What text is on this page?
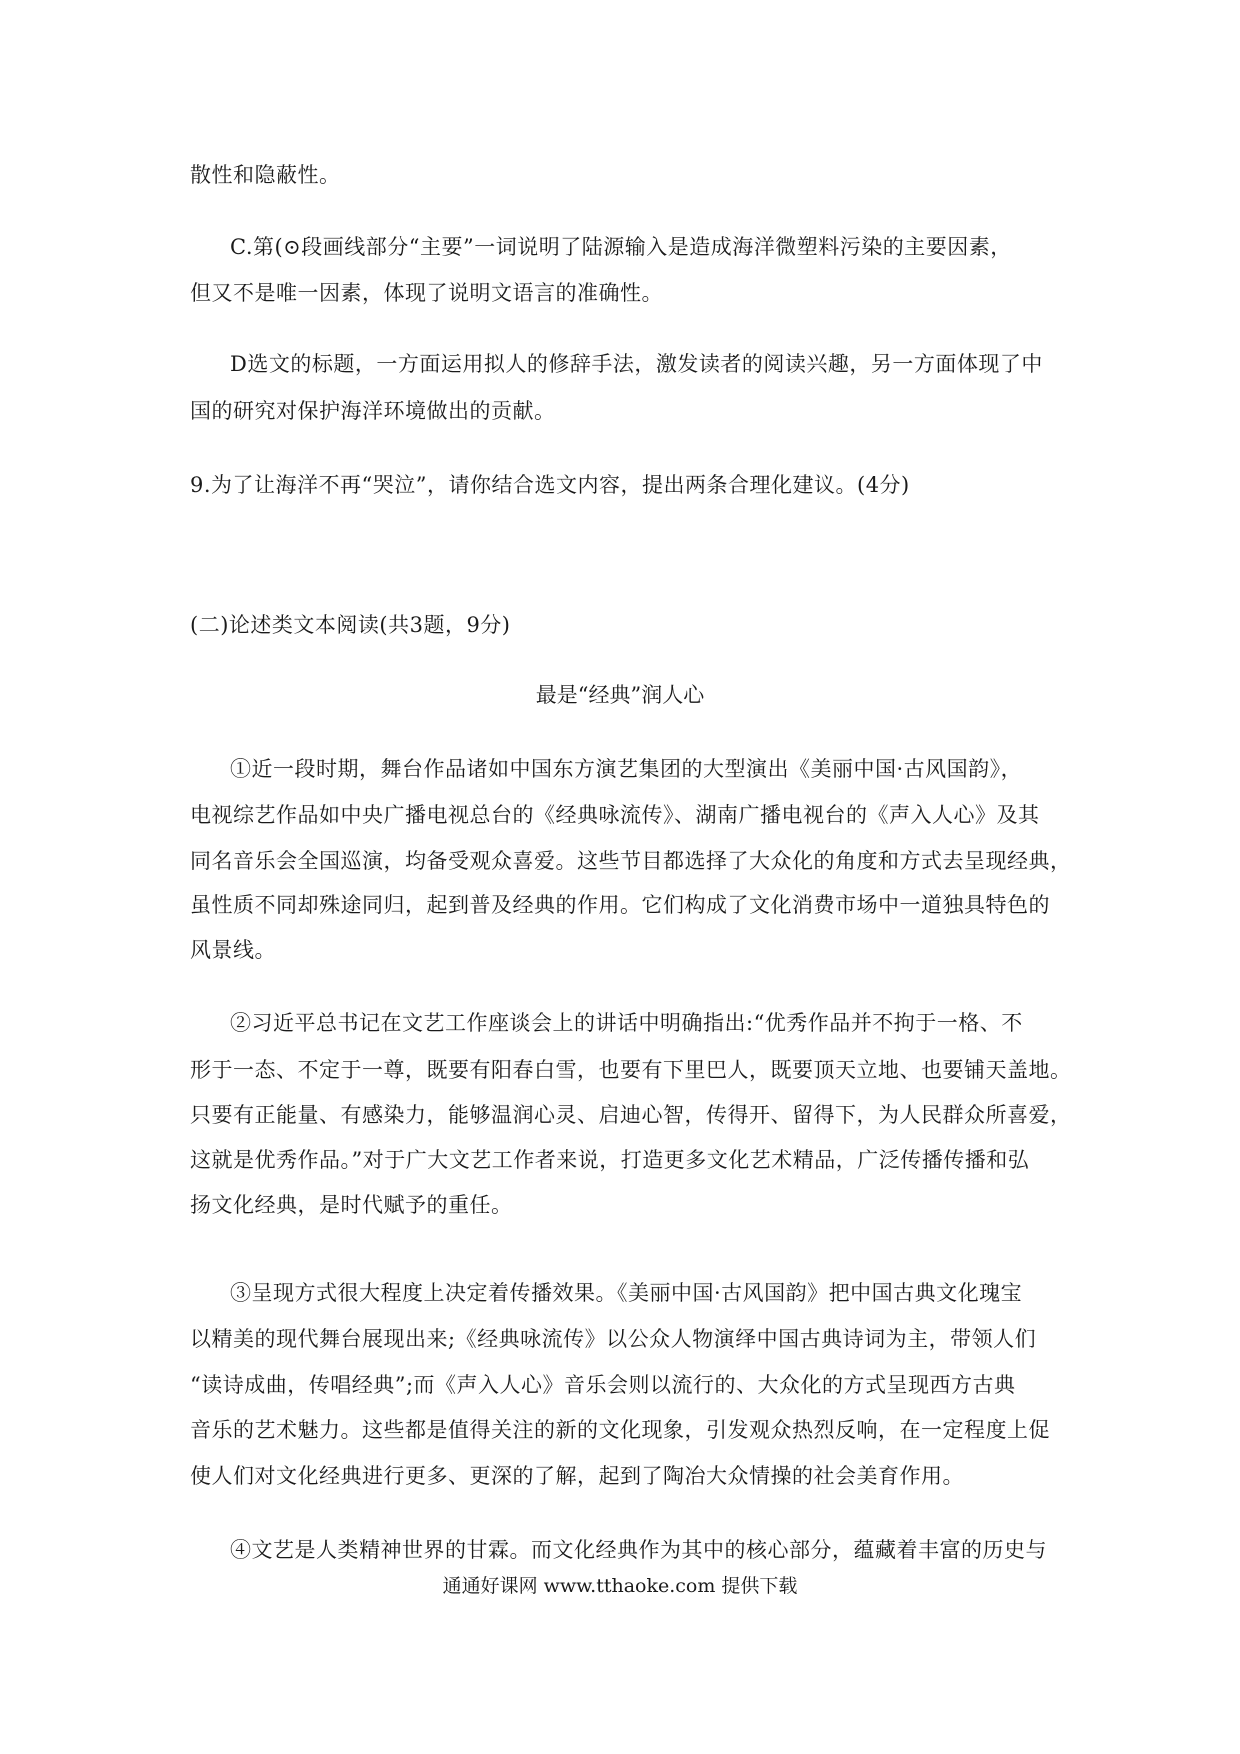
散性和隐蔽性。
C.第(⊙段画线部分“主要”一词说明了陆源输入是造成海洋微塑料污染的主要因素，
但又不是唯一因素，体现了说明文语言的准确性。
D选文的标题，一方面运用拟人的修辞手法，激发读者的阅读兴趣，另一方面体现了中
国的研究对保护海洋环境做出的贡献。
9.为了让海洋不再“哭泣”，请你结合选文内容，提出两条合理化建议。(4分)
(二)论述类文本阅读(共3题，9分)
最是“经典”润人心
①近一段时期，舞台作品诸如中国东方演艺集团的大型演出《美丽中国·古风国韵》，
电视综艺作品如中央广播电视总台的《经典咏流传》、湖南广播电视台的《声入人心》及其
同名音乐会全国巡演，均备受观众喜爱。这些节目都选择了大众化的角度和方式去呈现经典，
虽性质不同却殊途同归，起到普及经典的作用。它们构成了文化消费市场中一道独具特色的
风景线。
②习近平总书记在文艺工作座谈会上的讲话中明确指出:“优秀作品并不拘于一格、不
形于一态、不定于一尊，既要有阳春白雪，也要有下里巴人，既要顶天立地、也要铺天盖地。
只要有正能量、有感染力，能够温润心灵、启迪心智，传得开、留得下，为人民群众所喜爱，
这就是优秀作品。”对于广大文艺工作者来说，打造更多文化艺术精品，广泛传播传播和弘
扬文化经典，是时代赋予的重任。
③呈现方式很大程度上决定着传播效果。《美丽中国·古风国韵》把中国古典文化瑰宝
以精美的现代舞台展现出来;《经典咏流传》以公众人物演绎中国古典诗词为主，带领人们
“读诗成曲，传唱经典”;而《声入人心》音乐会则以流行的、大众化的方式呈现西方古典
音乐的艺术魅力。这些都是值得关注的新的文化现象，引发观众热烈反响，在一定程度上促
使人们对文化经典进行更多、更深的了解，起到了陶冶大众情操的社会美育作用。
④文艺是人类精神世界的甘霖。而文化经典作为其中的核心部分，蕴藏着丰富的历史与
通通好课网 www.tthaoke.com 提供下载
